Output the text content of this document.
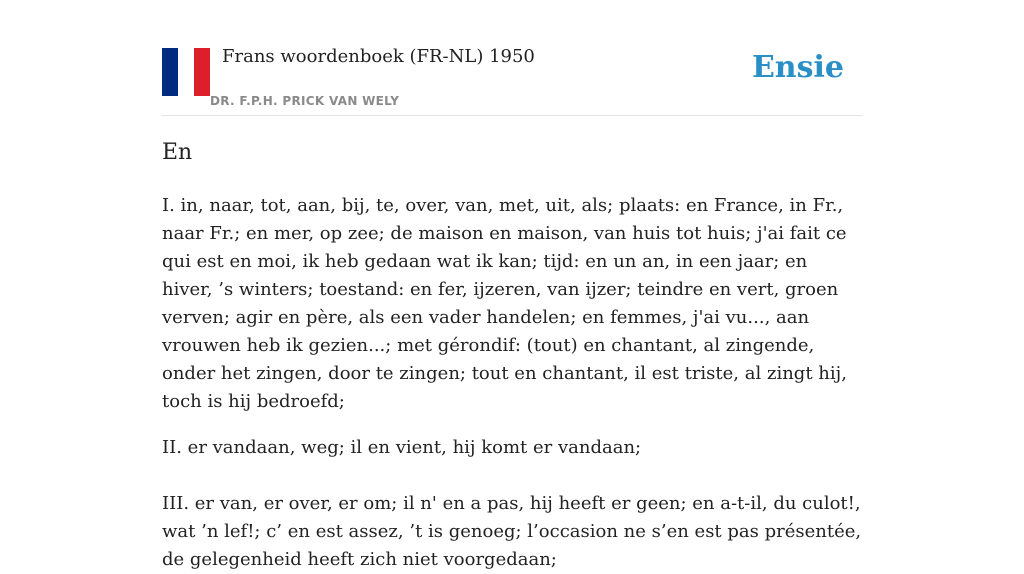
Frans woordenboek (FR-NL) 1950
DR. F.P.H. PRICK VAN WELY
Ensie
En

I. in, naar, tot, aan, bij, te, over, van, met, uit, als; plaats: en France, in Fr., naar Fr.; en mer, op zee; de maison en maison, van huis tot huis; j'ai fait ce qui est en moi, ik heb gedaan wat ik kan; tijd: en un an, in een jaar; en hiver, ’s winters; toestand: en fer, ijzeren, van ijzer; teindre en vert, groen verven; agir en père, als een vader handelen; en femmes, j'ai vu..., aan vrouwen heb ik gezien...; met gérondif: (tout) en chantant, al zingende, onder het zingen, door te zingen; tout en chantant, il est triste, al zingt hij, toch is hij bedroefd;

II. er vandaan, weg; il en vient, hij komt er vandaan;

III. er van, er over, er om; il n' en a pas, hij heeft er geen; en a-t-il, du culot!, wat ’n lef!; c’ en est assez, ’t is genoeg; l’occasion ne s’en est pas présentée, de gelegenheid heeft zich niet voorgedaan;
